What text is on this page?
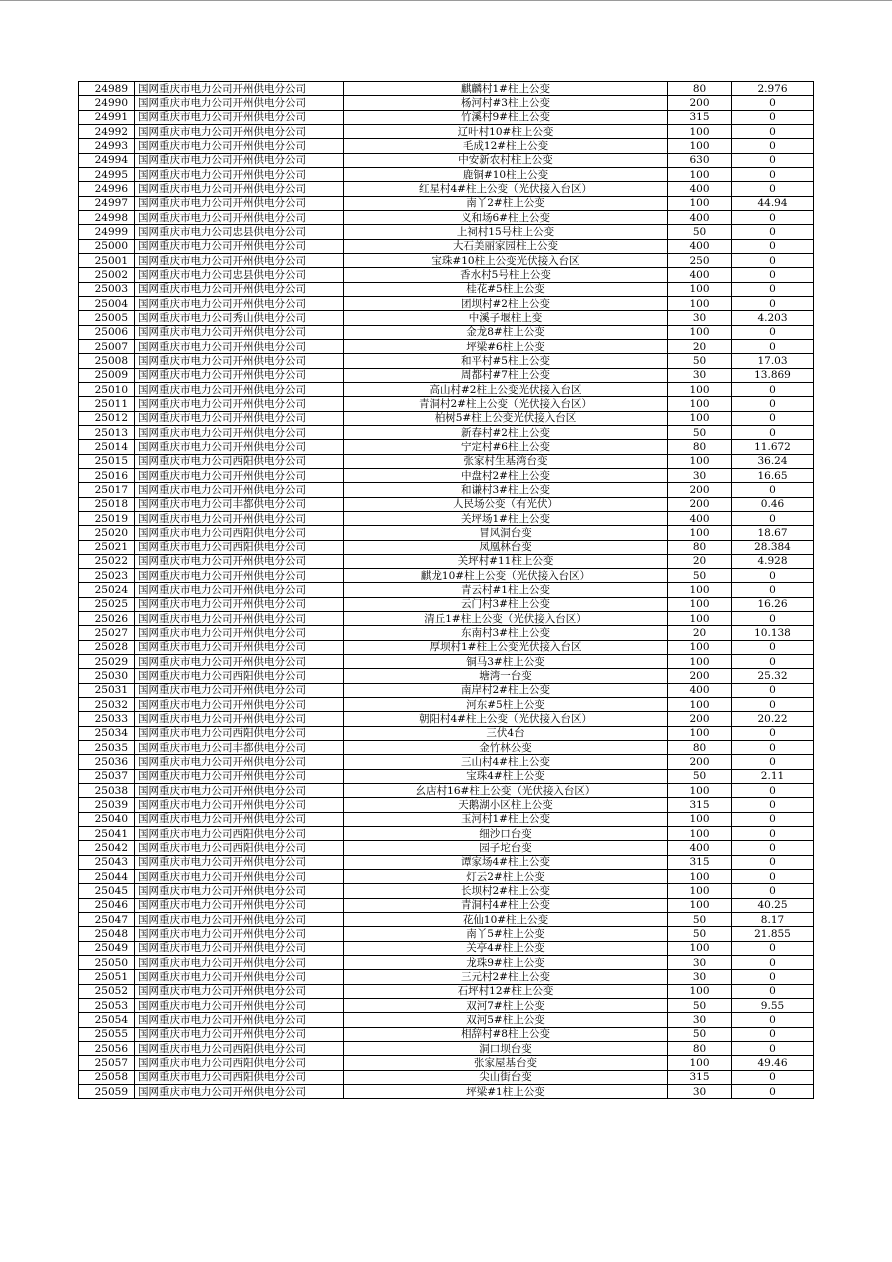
24989	国网重庆市电力公司开州供电分公司	麒麟村1#柱上公变	80	2.976
24990	国网重庆市电力公司开州供电分公司	杨河村#3柱上公变	200	0
24991	国网重庆市电力公司开州供电分公司	竹溪村9#柱上公变	315	0
24992	国网重庆市电力公司开州供电分公司	辽叶村10#柱上公变	100	0
24993	国网重庆市电力公司开州供电分公司	毛成12#柱上公变	100	0
24994	国网重庆市电力公司开州供电分公司	中安新农村柱上公变	630	0
24995	国网重庆市电力公司开州供电分公司	鹿铜#10柱上公变	100	0
24996	国网重庆市电力公司开州供电分公司	红星村4#柱上公变（光伏接入台区）	400	0
24997	国网重庆市电力公司开州供电分公司	南丫2#柱上公变	100	44.94
24998	国网重庆市电力公司开州供电分公司	义和场6#柱上公变	400	0
24999	国网重庆市电力公司忠县供电分公司	上祠村15号柱上公变	50	0
25000	国网重庆市电力公司开州供电分公司	大石美丽家园柱上公变	400	0
25001	国网重庆市电力公司开州供电分公司	宝珠#10柱上公变光伏接入台区	250	0
25002	国网重庆市电力公司忠县供电分公司	香水村5号柱上公变	400	0
25003	国网重庆市电力公司开州供电分公司	桂花#5柱上公变	100	0
25004	国网重庆市电力公司开州供电分公司	团坝村#2柱上公变	100	0
25005	国网重庆市电力公司秀山供电分公司	中溪子堰柱上变	30	4.203
25006	国网重庆市电力公司开州供电分公司	金龙8#柱上公变	100	0
25007	国网重庆市电力公司开州供电分公司	坪梁#6柱上公变	20	0
25008	国网重庆市电力公司开州供电分公司	和平村#5柱上公变	50	17.03
25009	国网重庆市电力公司开州供电分公司	周都村#7柱上公变	30	13.869
25010	国网重庆市电力公司开州供电分公司	高山村#2柱上公变光伏接入台区	100	0
25011	国网重庆市电力公司开州供电分公司	青洞村2#柱上公变（光伏接入台区）	100	0
25012	国网重庆市电力公司开州供电分公司	柏树5#柱上公变光伏接入台区	100	0
25013	国网重庆市电力公司开州供电分公司	新春村#2柱上公变	50	0
25014	国网重庆市电力公司开州供电分公司	宁定村#6柱上公变	80	11.672
25015	国网重庆市电力公司西阳供电分公司	张家村生基湾台变	100	36.24
25016	国网重庆市电力公司开州供电分公司	中盘村2#柱上公变	30	16.65
25017	国网重庆市电力公司开州供电分公司	和谦村3#柱上公变	200	0
25018	国网重庆市电力公司丰都供电分公司	人民场公变（有光伏）	200	0.46
25019	国网重庆市电力公司开州供电分公司	关坪场1#柱上公变	400	0
25020	国网重庆市电力公司西阳供电分公司	冒风洞台变	100	18.67
25021	国网重庆市电力公司西阳供电分公司	凤凰林台变	80	28.384
25022	国网重庆市电力公司开州供电分公司	关坪村#11柱上公变	20	4.928
25023	国网重庆市电力公司开州供电分公司	麒龙10#柱上公变（光伏接入台区）	50	0
25024	国网重庆市电力公司开州供电分公司	青云村#1柱上公变	100	0
25025	国网重庆市电力公司开州供电分公司	云门村3#柱上公变	100	16.26
25026	国网重庆市电力公司开州供电分公司	清丘1#柱上公变（光伏接入台区）	100	0
25027	国网重庆市电力公司开州供电分公司	东南村3#柱上公变	20	10.138
25028	国网重庆市电力公司开州供电分公司	厚坝村1#柱上公变光伏接入台区	100	0
25029	国网重庆市电力公司开州供电分公司	铜马3#柱上公变	100	0
25030	国网重庆市电力公司西阳供电分公司	塘湾一台变	200	25.32
25031	国网重庆市电力公司开州供电分公司	南岸村2#柱上公变	400	0
25032	国网重庆市电力公司开州供电分公司	河东#5柱上公变	100	0
25033	国网重庆市电力公司开州供电分公司	朝阳村4#柱上公变（光伏接入台区）	200	20.22
25034	国网重庆市电力公司西阳供电分公司	三伏4台	100	0
25035	国网重庆市电力公司丰都供电分公司	金竹林公变	80	0
25036	国网重庆市电力公司开州供电分公司	三山村4#柱上公变	200	0
25037	国网重庆市电力公司开州供电分公司	宝珠4#柱上公变	50	2.11
25038	国网重庆市电力公司开州供电分公司	幺店村16#柱上公变（光伏接入台区）	100	0
25039	国网重庆市电力公司开州供电分公司	天鹅湖小区柱上公变	315	0
25040	国网重庆市电力公司开州供电分公司	玉河村1#柱上公变	100	0
25041	国网重庆市电力公司西阳供电分公司	细沙口台变	100	0
25042	国网重庆市电力公司西阳供电分公司	园子坨台变	400	0
25043	国网重庆市电力公司开州供电分公司	谭家场4#柱上公变	315	0
25044	国网重庆市电力公司开州供电分公司	灯云2#柱上公变	100	0
25045	国网重庆市电力公司开州供电分公司	长坝村2#柱上公变	100	0
25046	国网重庆市电力公司开州供电分公司	青洞村4#柱上公变	100	40.25
25047	国网重庆市电力公司开州供电分公司	花仙10#柱上公变	50	8.17
25048	国网重庆市电力公司开州供电分公司	南丫5#柱上公变	50	21.855
25049	国网重庆市电力公司开州供电分公司	关亭4#柱上公变	100	0
25050	国网重庆市电力公司开州供电分公司	龙珠9#柱上公变	30	0
25051	国网重庆市电力公司开州供电分公司	三元村2#柱上公变	30	0
25052	国网重庆市电力公司开州供电分公司	石坪村12#柱上公变	100	0
25053	国网重庆市电力公司开州供电分公司	双河7#柱上公变	50	9.55
25054	国网重庆市电力公司开州供电分公司	双河5#柱上公变	30	0
25055	国网重庆市电力公司开州供电分公司	相辞村#8柱上公变	50	0
25056	国网重庆市电力公司西阳供电分公司	洞口坝台变	80	0
25057	国网重庆市电力公司西阳供电分公司	张家屋基台变	100	49.46
25058	国网重庆市电力公司西阳供电分公司	尖山街台变	315	0
25059	国网重庆市电力公司开州供电分公司	坪梁#1柱上公变	30	0
